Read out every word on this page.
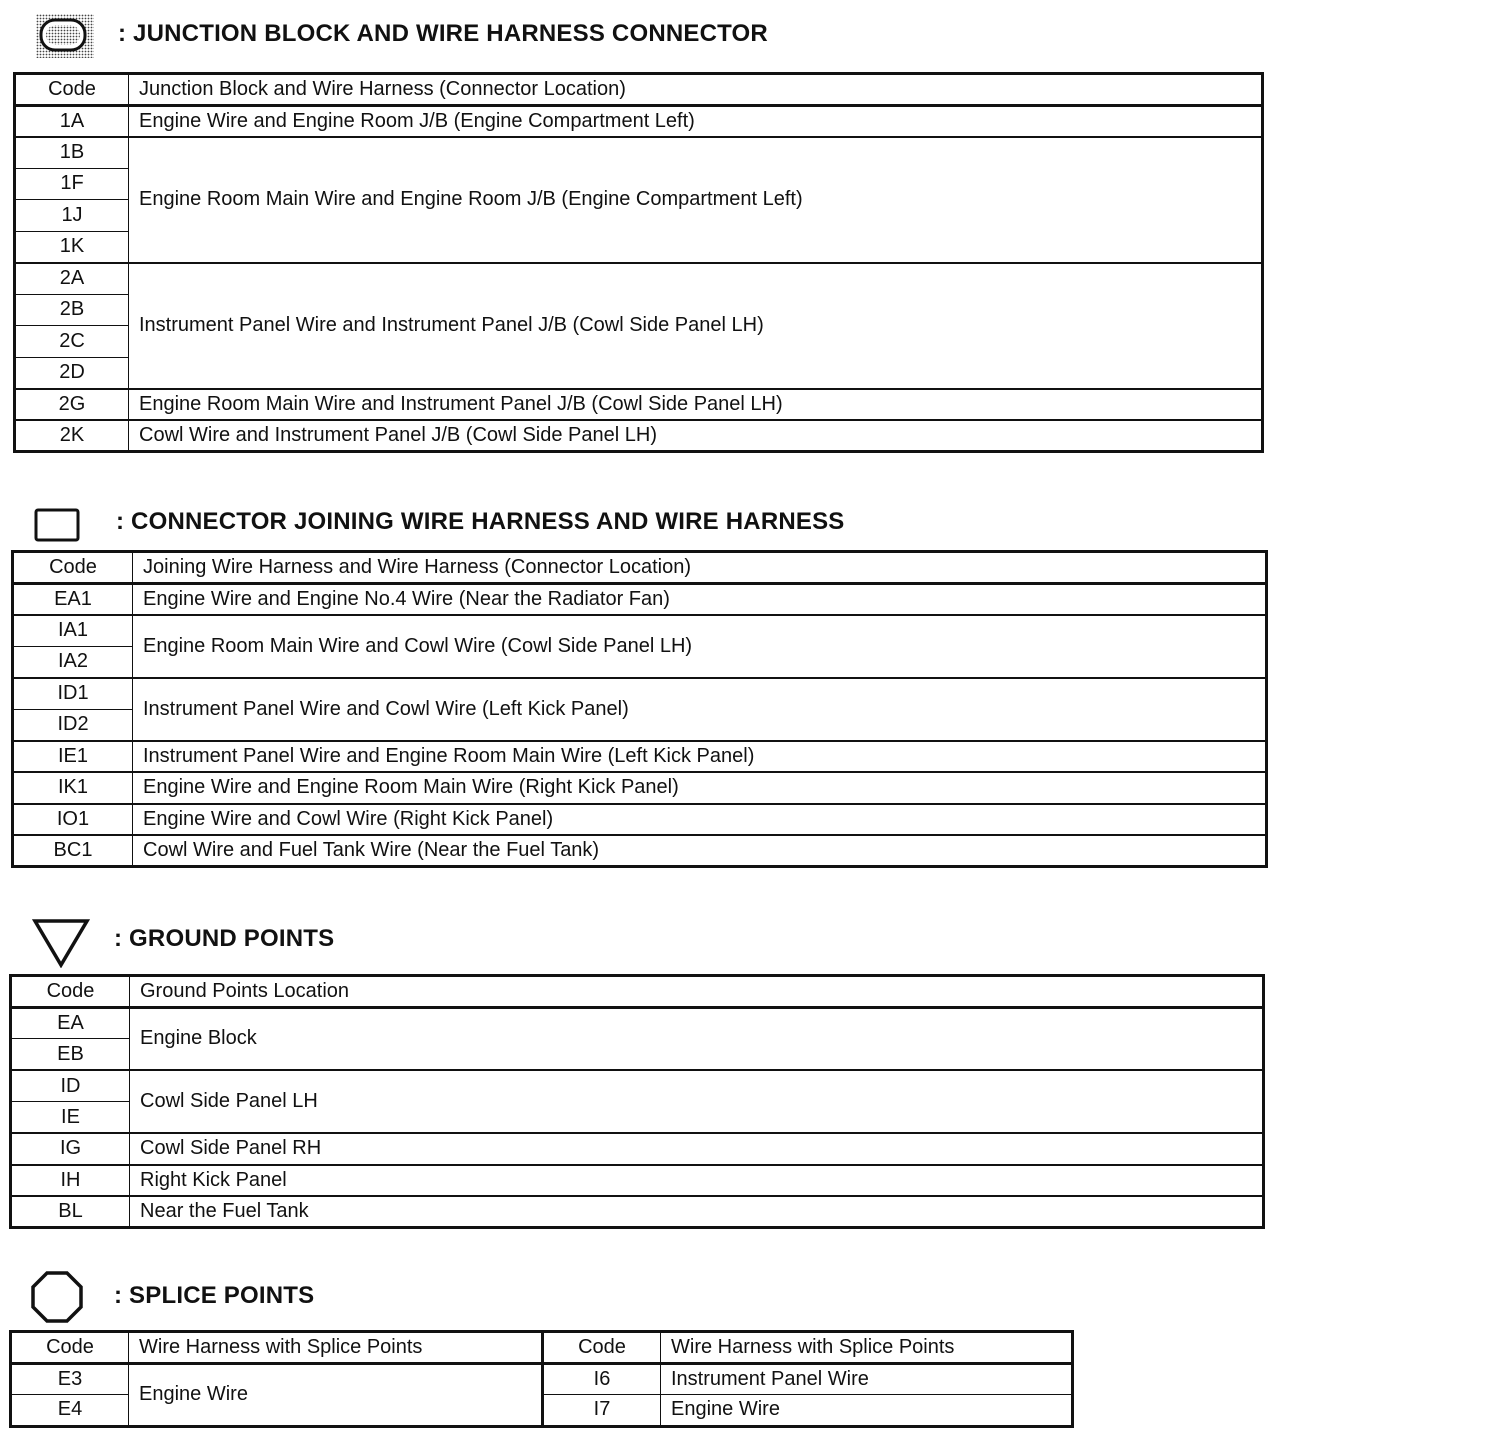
: JUNCTION BLOCK AND WIRE HARNESS CONNECTOR
Code	Junction Block and Wire Harness (Connector Location)
1A	Engine Wire and Engine Room J/B (Engine Compartment Left)
1B	Engine Room Main Wire and Engine Room J/B (Engine Compartment Left)
1F	
1J	
1K	
2A	Instrument Panel Wire and Instrument Panel J/B (Cowl Side Panel LH)
2B	
2C	
2D	
2G	Engine Room Main Wire and Instrument Panel J/B (Cowl Side Panel LH)
2K	Cowl Wire and Instrument Panel J/B (Cowl Side Panel LH)
: CONNECTOR JOINING WIRE HARNESS AND WIRE HARNESS
Code	Joining Wire Harness and Wire Harness (Connector Location)
EA1	Engine Wire and Engine No.4 Wire (Near the Radiator Fan)
IA1	Engine Room Main Wire and Cowl Wire (Cowl Side Panel LH)
IA2	
ID1	Instrument Panel Wire and Cowl Wire (Left Kick Panel)
ID2	
IE1	Instrument Panel Wire and Engine Room Main Wire (Left Kick Panel)
IK1	Engine Wire and Engine Room Main Wire (Right Kick Panel)
IO1	Engine Wire and Cowl Wire (Right Kick Panel)
BC1	Cowl Wire and Fuel Tank Wire (Near the Fuel Tank)
: GROUND POINTS
Code	Ground Points Location
EA	Engine Block
EB	
ID	Cowl Side Panel LH
IE	
IG	Cowl Side Panel RH
IH	Right Kick Panel
BL	Near the Fuel Tank
: SPLICE POINTS
Code	Wire Harness with Splice Points	Code	Wire Harness with Splice Points
E3	Engine Wire	I6	Instrument Panel Wire
E4		I7	Engine Wire
